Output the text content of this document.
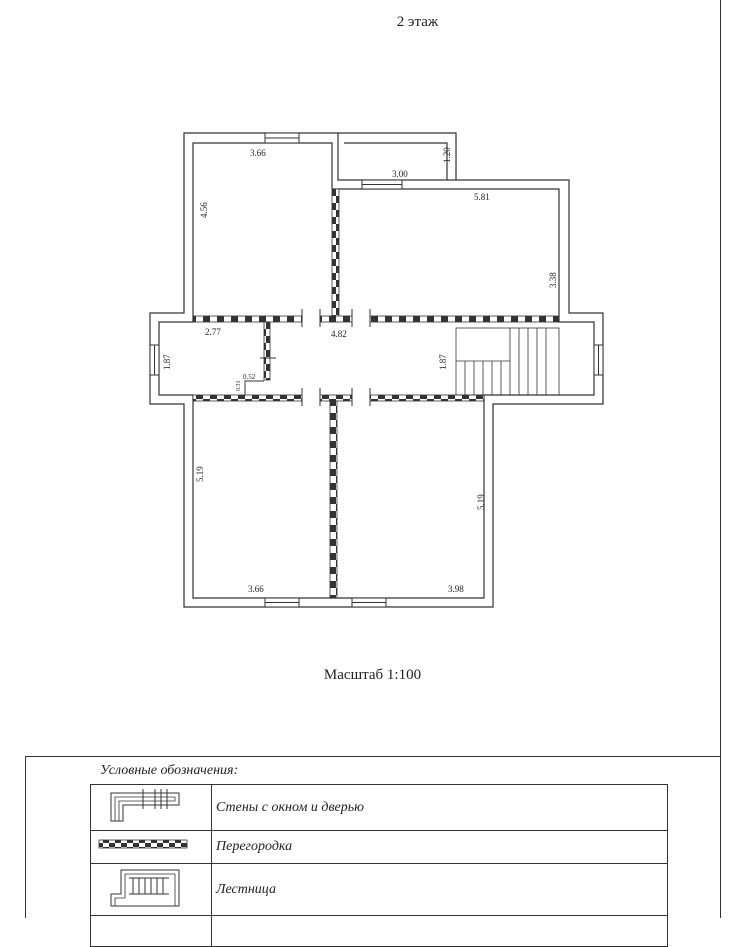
2 этаж
3.66
4.56
3.00
1.20
5.81
3.38
2.77	4.82
1.87	1.87
0.52
0.31
5.19
3.66
5.19
3.98
Масштаб 1:100
Условные обозначения:
	Стены с окном и дверью
	Перегородка
	Лестница
